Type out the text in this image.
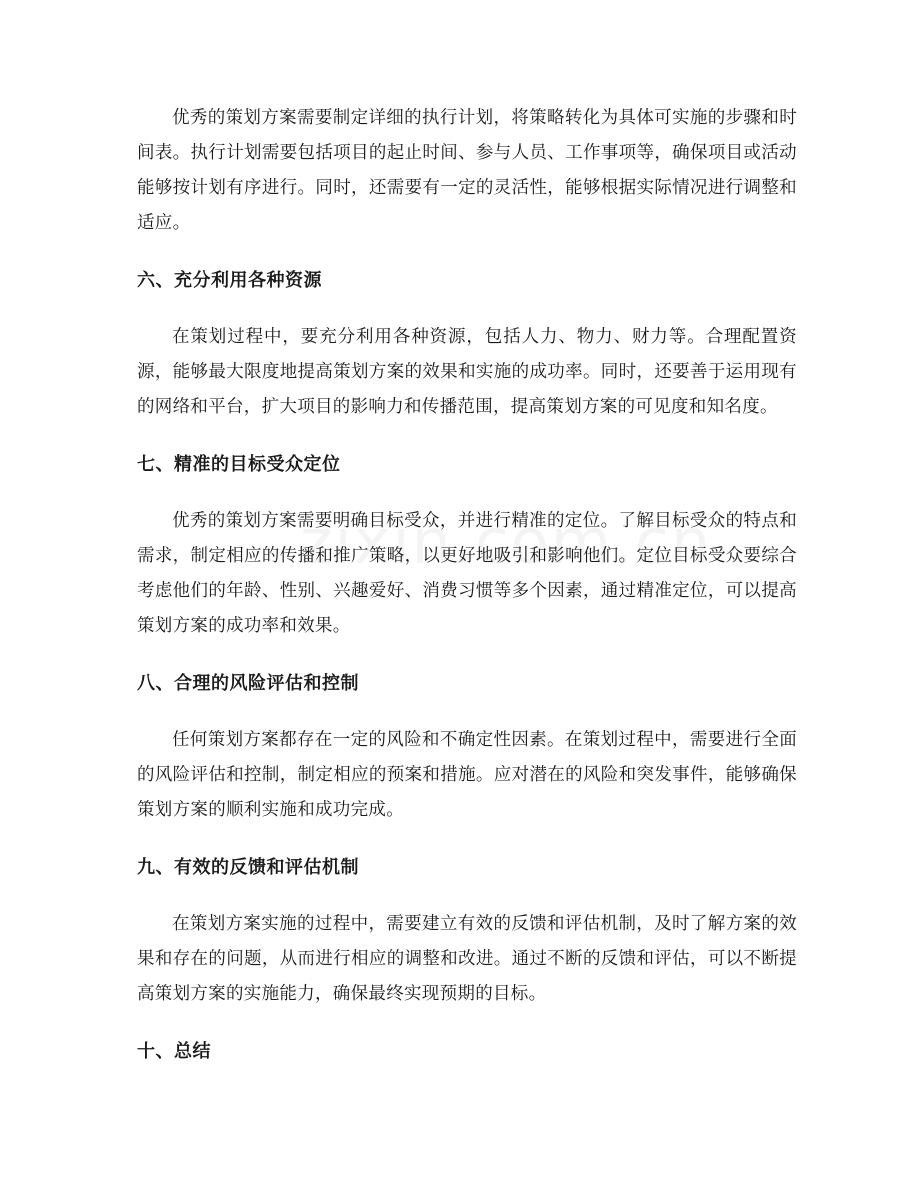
优秀的策划方案需要制定详细的执行计划，将策略转化为具体可实施的步骤和时间表。执行计划需要包括项目的起止时间、参与人员、工作事项等，确保项目或活动能够按计划有序进行。同时，还需要有一定的灵活性，能够根据实际情况进行调整和适应。

六、充分利用各种资源

在策划过程中，要充分利用各种资源，包括人力、物力、财力等。合理配置资源，能够最大限度地提高策划方案的效果和实施的成功率。同时，还要善于运用现有的网络和平台，扩大项目的影响力和传播范围，提高策划方案的可见度和知名度。

七、精准的目标受众定位

优秀的策划方案需要明确目标受众，并进行精准的定位。了解目标受众的特点和需求，制定相应的传播和推广策略，以更好地吸引和影响他们。定位目标受众要综合考虑他们的年龄、性别、兴趣爱好、消费习惯等多个因素，通过精准定位，可以提高策划方案的成功率和效果。

八、合理的风险评估和控制

任何策划方案都存在一定的风险和不确定性因素。在策划过程中，需要进行全面的风险评估和控制，制定相应的预案和措施。应对潜在的风险和突发事件，能够确保策划方案的顺利实施和成功完成。

九、有效的反馈和评估机制

在策划方案实施的过程中，需要建立有效的反馈和评估机制，及时了解方案的效果和存在的问题，从而进行相应的调整和改进。通过不断的反馈和评估，可以不断提高策划方案的实施能力，确保最终实现预期的目标。

十、总结
